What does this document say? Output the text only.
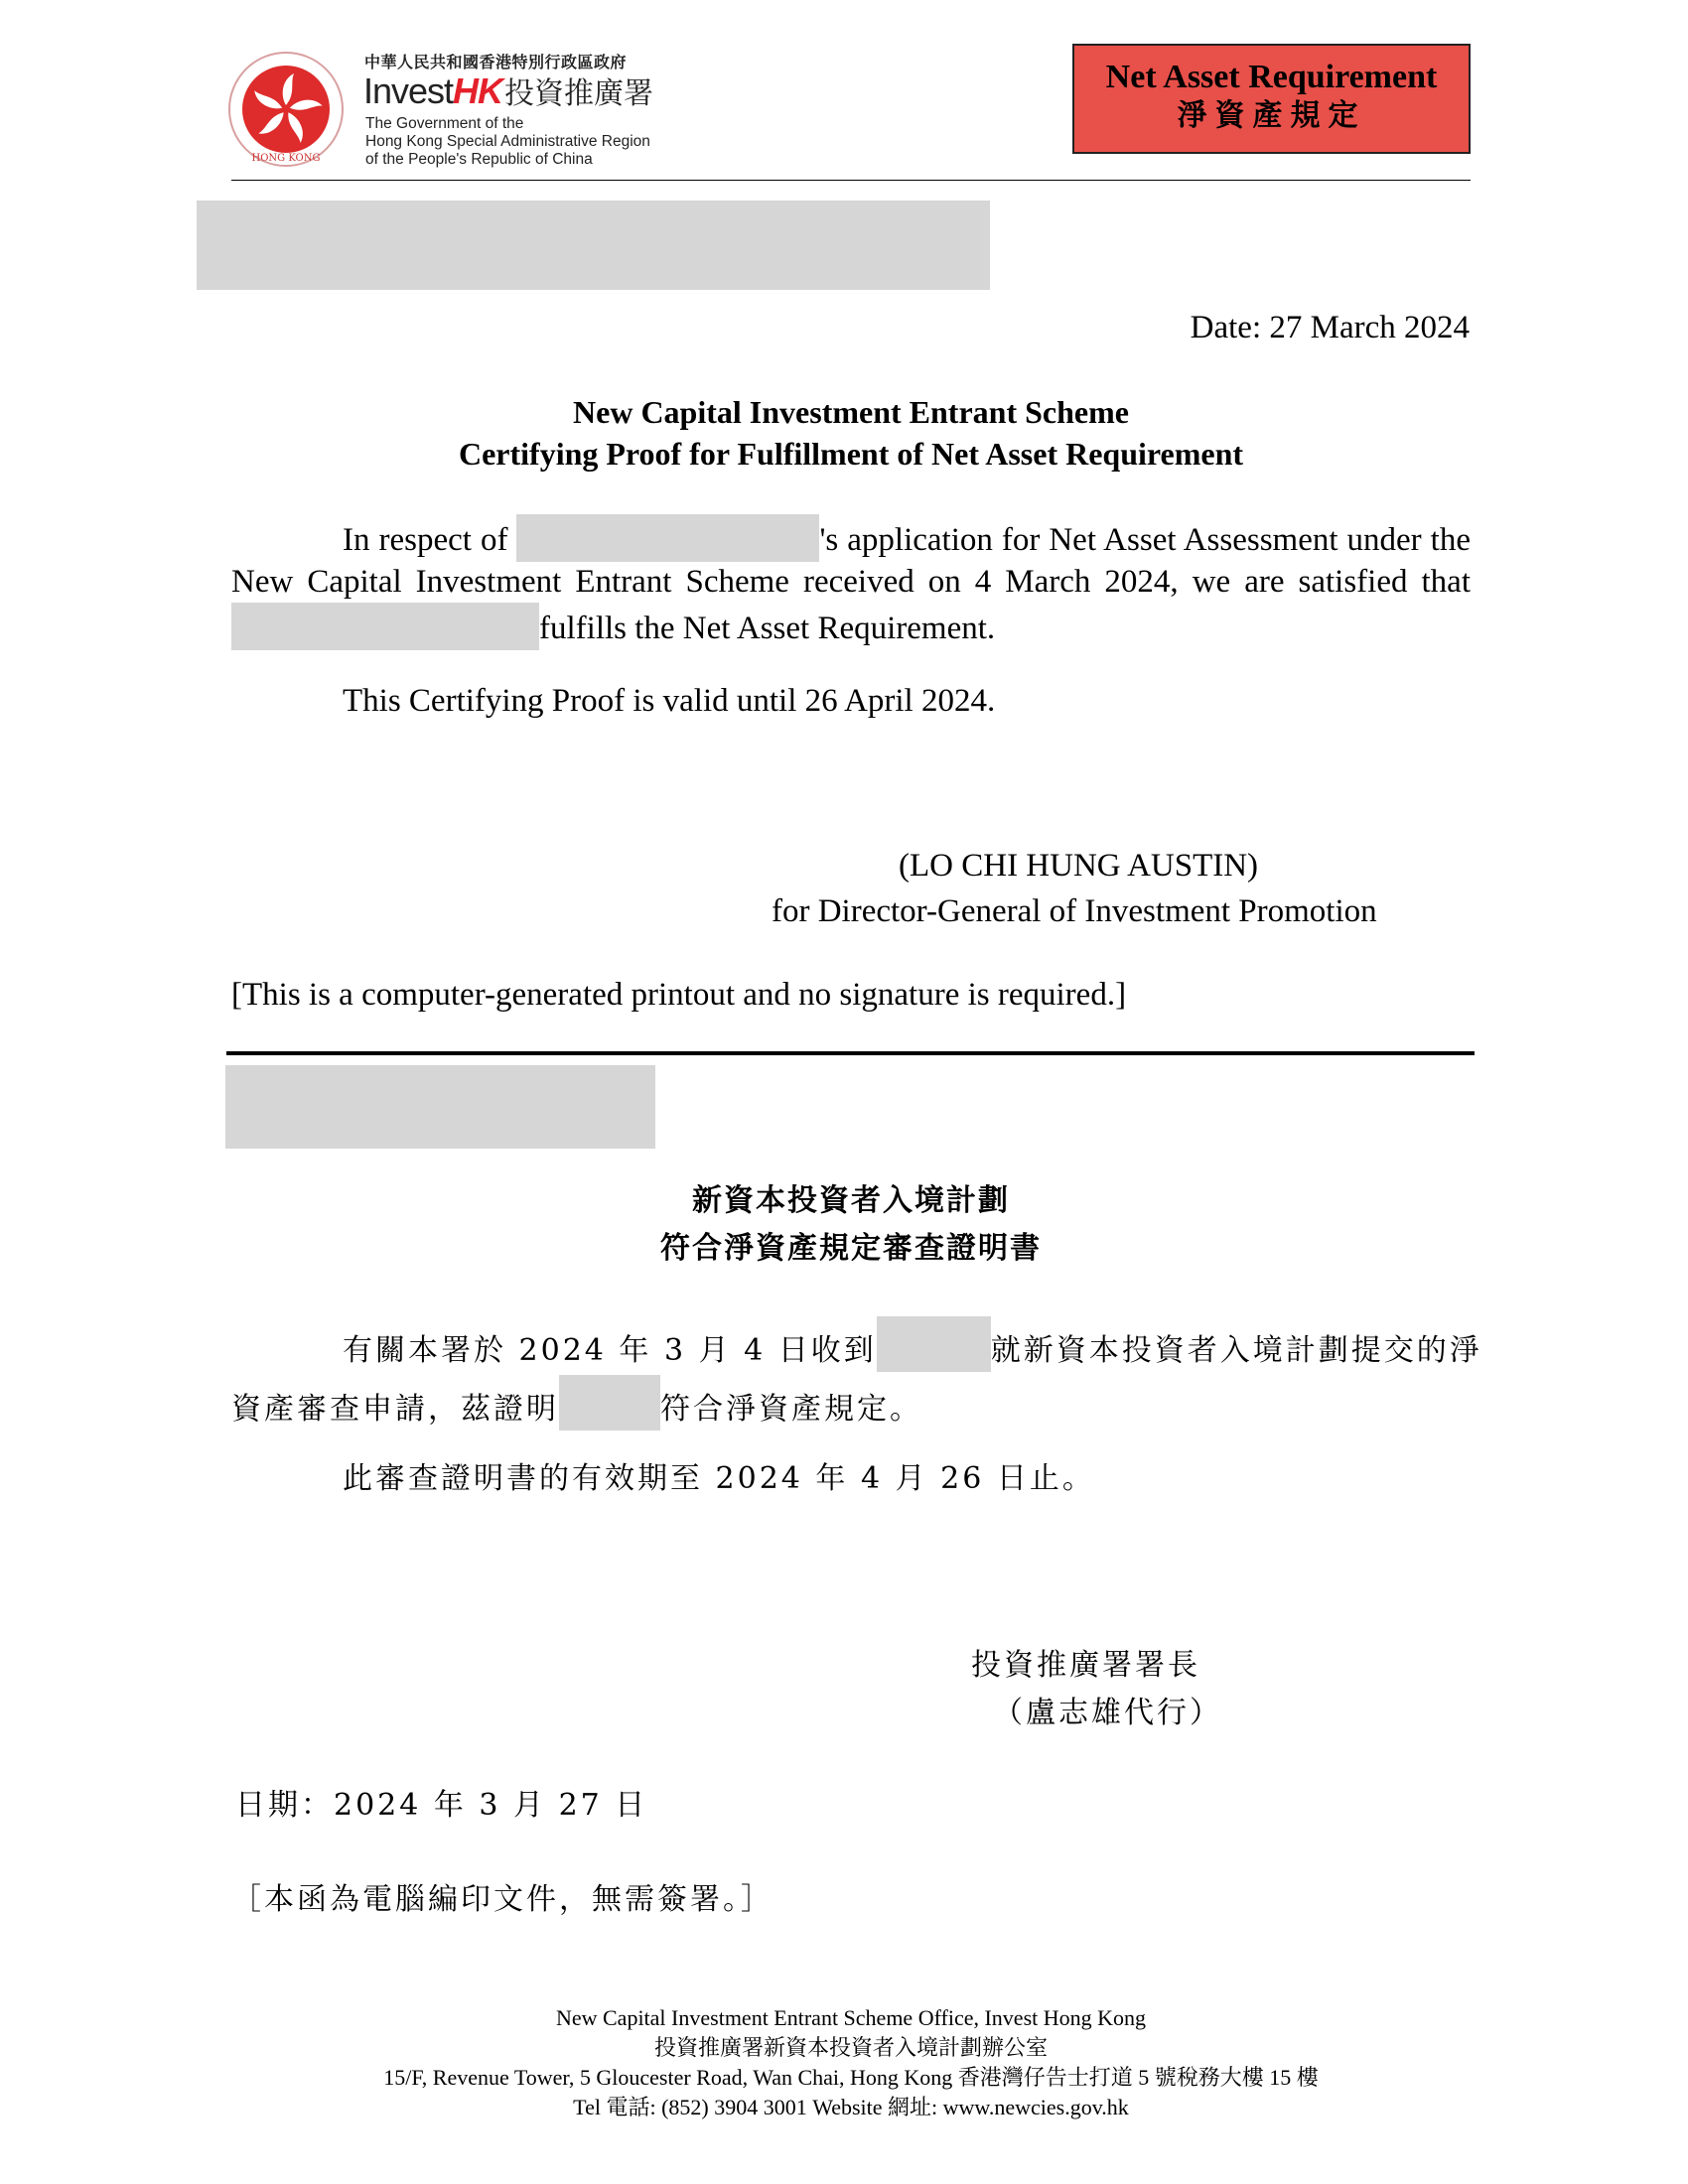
HONG KONG
中華人民共和國香港特別行政區政府
InvestHK投資推廣署
The Government of the
Hong Kong Special Administrative Region
of the People's Republic of China
Net Asset Requirement
淨資產規定
Date: 27 March 2024
New Capital Investment Entrant Scheme
Certifying Proof for Fulfillment of Net Asset Requirement
In respect of	's application for Net Asset Assessment under the New Capital Investment Entrant Scheme received on 4 March 2024, we are satisfied that fulfills the Net Asset Requirement.
This Certifying Proof is valid until 26 April 2024.
(LO CHI HUNG AUSTIN)
for Director-General of Investment Promotion
[This is a computer-generated printout and no signature is required.]
新資本投資者入境計劃
符合淨資產規定審查證明書
有關本署於 2024 年 3 月 4 日收到	就新資本投資者入境計劃提交的淨資產審查申請，茲證明	符合淨資產規定。
此審查證明書的有效期至 2024 年 4 月 26 日止。
投資推廣署署長
（盧志雄代行）
日期：2024 年 3 月 27 日
［本函為電腦編印文件，無需簽署。］
New Capital Investment Entrant Scheme Office, Invest Hong Kong
投資推廣署新資本投資者入境計劃辦公室
15/F, Revenue Tower, 5 Gloucester Road, Wan Chai, Hong Kong 香港灣仔告士打道 5 號稅務大樓 15 樓
Tel 電話: (852) 3904 3001 Website 網址: www.newcies.gov.hk
